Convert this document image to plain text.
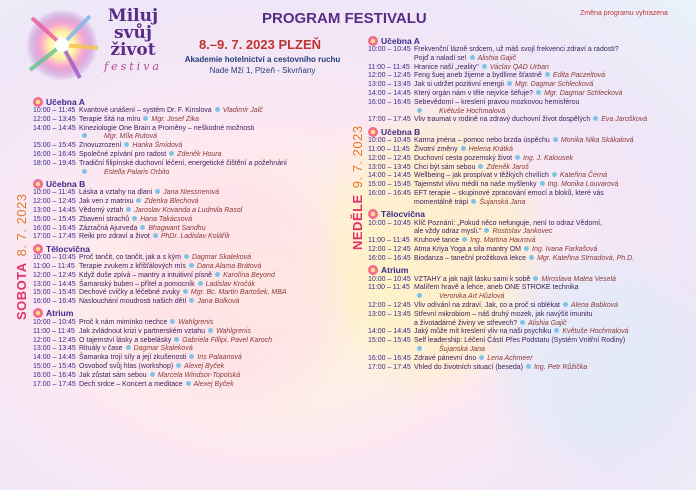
Miluj
svůj
život
festiva
PROGRAM FESTIVALU	Změna programu vyhrazena
8.–9. 7. 2023 PLZEŇ
Akademie hotelnictví a cestovního ruchu
Nade Mží 1, Plzeň - Skvrňany
SOBOTA8. 7. 2023	NEDĚLE9. 7. 2023
Učebna A
10:00 – 11:45 Kvantové unášení – systém Dr. F. Kinslova Vladimír Jalč
12:00 – 13:45 Terapie šitá na míru Mgr. Josef Zika
14:00 – 14:45 Kineziologie One Brain a Proměny – neškodné možnosti
Mgr. Míla Rutová
15:00 – 15:45 Znovuzrození Hanka Šmídová
16:00 – 16:45 Společné zpívání pro radost Zdeněk Houra
18:00 – 19:45 Tradiční filipínské duchovní léčení, energetické čištění a požehnání
Estella Palaris Orbito
Učebna B
10:00 – 11:45 Láska a vztahy na dlani Jana Niessnerová
12:00 – 12:45 Jak ven z matrixu Zdenka Blechová
13:00 – 14:45 Vědomý vztah Jaroslav Kovanda a Ludmila Rasol
15:00 – 15:45 Zbavení strachů Hana Takácsová
16:00 – 16:45 Zázračná Ajurveda Bhagwant Sandhu
17:00 – 17:45 Reiki pro zdraví a život PhDr. Ladislav Kolářík
Tělocvična
10:00 – 10:45 Proč tančit, co tančit, jak a s kým Dagmar Skaleková
11:00 – 11:45 Terapie zvukem z křišťálových mís Dana Alama Brátová
12:00 – 12:45 Když duše zpívá – mantry a intuitivní písně Karolína Beyond
13:00 – 14:45 Šamanský buben – přítel a pomocník Ladislav Kročák
15:00 – 15:45 Dechové cvičky a léčebné zvuky Mgr. Bc. Martin Bartošek, MBA
16:00 – 16:45 Naslouchání moudrosti našich dětí Jana Bolková
Atrium
10:00 – 10:45 Proč k nám mimínko nechce Wahlgrenis
11:00 – 11:45 Jak zvládnout krizi v partnerském vztahu Wahlgrenis
12:00 – 12:45 O tajemství lásky a sebelásky Gabriela Fillipi, Pavel Karoch
13:00 – 13:45 Rituály v čase Dagmar Skaleková
14:00 – 14:45 Šamanka trojí síly a její zkušenosti Iris Palaanová
15:00 – 15:45 Osvoboď svůj hlas (workshop) Alexej Byček
16:00 – 16:45 Jak zůstat sám sebou Marcela Windsor-Topolská
17:00 – 17:45 Dech srdce – Koncert a meditace Alexej Byček
Učebna A
10:00 – 10:45 Frekvenční lázně srdcem, už máš svojí frekvenci zdraví a radosti?
Pojď a naladí se! Alishia Gajič
11:00 – 11:45 Hranice naší „reality" Václav QAD Urban
12:00 – 12:45 Feng šuej aneb žijeme a bydlíme šťastně Edita Paczeltová
13:00 – 13:45 Jak si udržet pozitivní energii Mgr. Dagmar Schlecková
14:00 – 14:45 Který orgán nám v těle nejvíce šéfuje? Mgr. Dagmar Schlecková
16:00 – 16:45 Sebevědomí – kreslení pravou mozkovou hemisférou
Květuše Hochmalová
17:00 – 17:45 Vliv traumat v rodině na zdravý duchovní život dospělých Eva Jarošková
Učebna B
10:00 – 10:45 Karma jména – pomoc nebo brzda úspěchu Monika Nika Skákalová
11:00 – 11:45 Životní změny Helena Krátká
12:00 – 12:45 Duchovní cesta pozemský život Ing. J. Kalousek
13:00 – 13:45 Chci být sám sebou Zdeněk Jaroš
14:00 – 14:45 Wellbeing – jak prospívat v těžkých chvílích Kateřina Černá
15:00 – 15:45 Tajemství vlivu médií na naše myšlenky Ing. Monika Louvarová
16:00 – 16:45 EFT terapie – skupinové zpracování emocí a bloků, které vás
momentálně trápí Šujanská Jana
Tělocvična
10:00 – 10:45 Klíč Poznání: „Pokud něco nefunguje, není to odraz Vědomí,
ale vždy odraz mysli." Rostislav Jankovec
11:00 – 11:45 Kruhové tance Ing. Martina Haurová
12:00 – 12:45 Atma Kriya Yoga a síla mantry OM Ing. Ivana Farkašová
16:00 – 16:45 Biodanza – taneční prožitková lekce Mgr. Kateřina Strnadová, Ph.D.
Atrium
10:00 – 10:45 VZTAHY a jak najít lásku sami k sobě Miroslava Matea Veselá
11:00 – 11:45 Malířem hravě a lehce, aneb ONE STROKE technika
Veronika Art Hůzlová
12:00 – 12:45 Vliv odívání na zdraví. Jak, co a proč si oblékat Alena Babková
13:00 – 13:45 Střevní mikrobiom – náš druhý mozek, jak navýšit imunitu
a životadárné živiny ve střevech? Alishia Gajič
14:00 – 14:45 Jaký může mít kreslení vliv na naši psychiku Květuše Hochmalová
15:00 – 15:45 Self leadership: Léčení Částí Přes Podstatu (Systém Vnitřní Rodiny)
Šujanská Jana
16:00 – 16:45 Zdravé pánevní dno Lena Achmeer
17:00 – 17:45 Vhled do životních situací (beseda) Ing. Petr Růžička
